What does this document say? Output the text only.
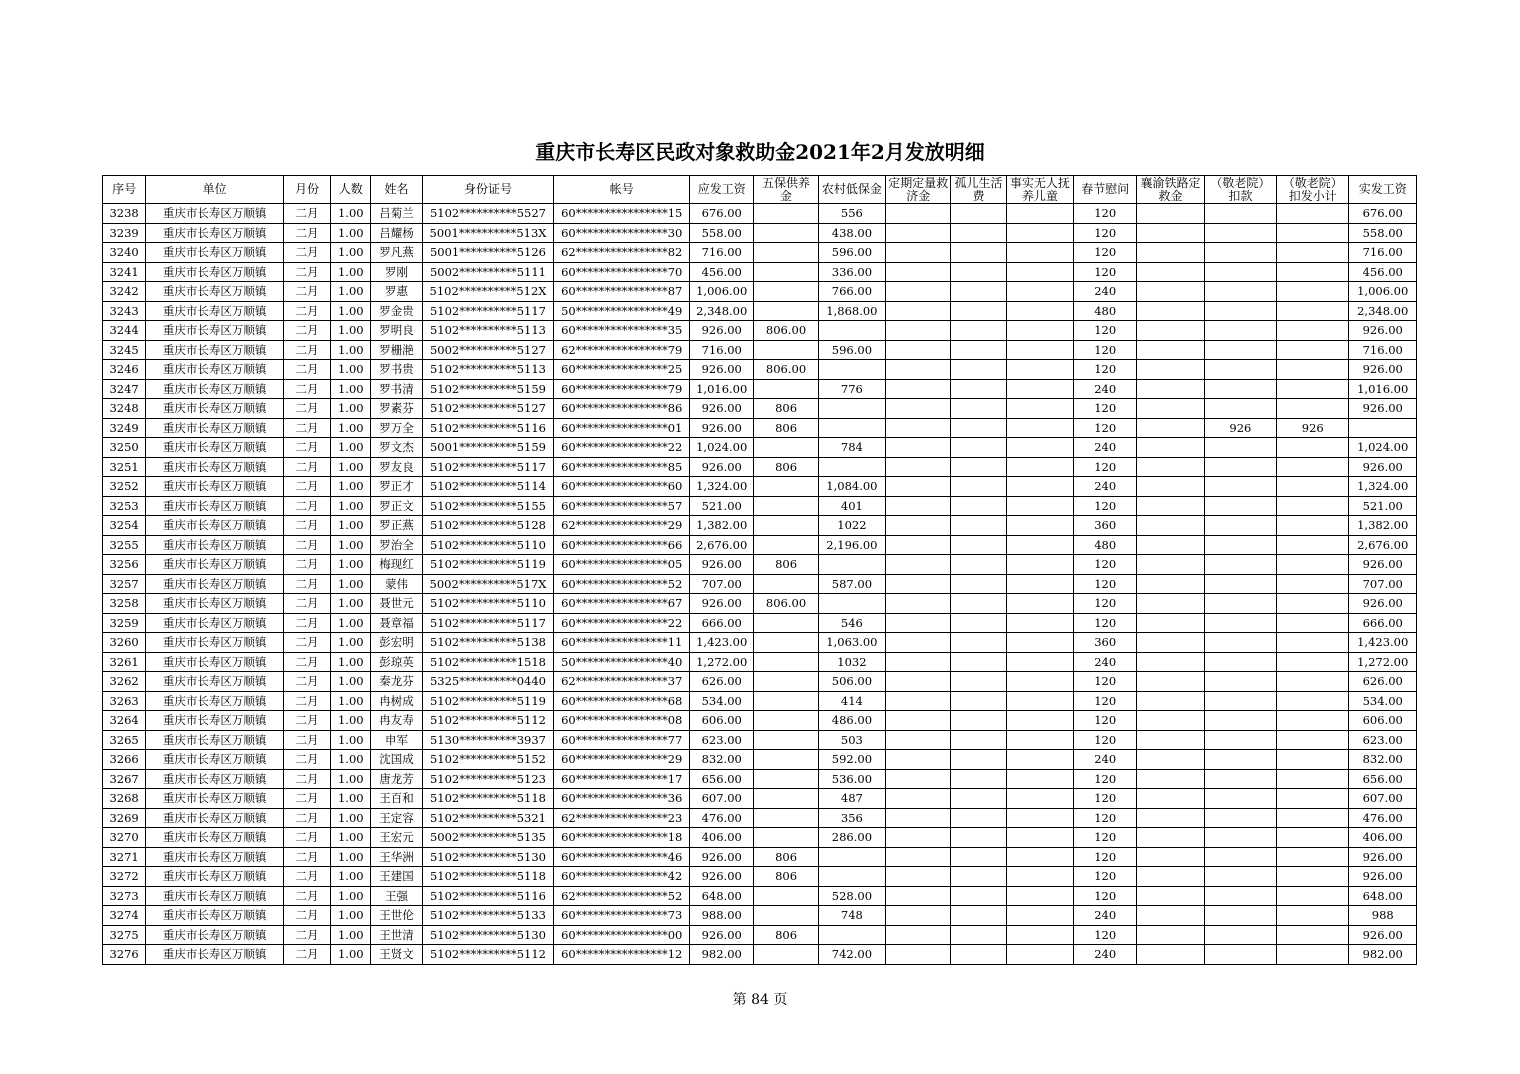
重庆市长寿区民政对象救助金2021年2月发放明细
序号	单位	月份	人数	姓名	身份证号	帐号	应发工资	五保供养金	农村低保金	定期定量救济金	孤儿生活费	事实无人抚养儿童	春节慰问	襄渝铁路定救金	（敬老院）扣款	（敬老院）扣发小计	实发工资
3238	重庆市长寿区万顺镇	二月	1.00	吕菊兰	5102**********5527	60****************15	676.00		556				120				676.00
3239	重庆市长寿区万顺镇	二月	1.00	吕耀杨	5001**********513X	60****************30	558.00		438.00				120				558.00
3240	重庆市长寿区万顺镇	二月	1.00	罗凡燕	5001**********5126	62****************82	716.00		596.00				120				716.00
3241	重庆市长寿区万顺镇	二月	1.00	罗刚	5002**********5111	60****************70	456.00		336.00				120				456.00
3242	重庆市长寿区万顺镇	二月	1.00	罗惠	5102**********512X	60****************87	1,006.00		766.00				240				1,006.00
3243	重庆市长寿区万顺镇	二月	1.00	罗金贵	5102**********5117	50****************49	2,348.00		1,868.00				480				2,348.00
3244	重庆市长寿区万顺镇	二月	1.00	罗明良	5102**********5113	60****************35	926.00	806.00					120				926.00
3245	重庆市长寿区万顺镇	二月	1.00	罗栅滟	5002**********5127	62****************79	716.00		596.00				120				716.00
3246	重庆市长寿区万顺镇	二月	1.00	罗书贵	5102**********5113	60****************25	926.00	806.00					120				926.00
3247	重庆市长寿区万顺镇	二月	1.00	罗书清	5102**********5159	60****************79	1,016.00		776				240				1,016.00
3248	重庆市长寿区万顺镇	二月	1.00	罗素芬	5102**********5127	60****************86	926.00	806					120				926.00
3249	重庆市长寿区万顺镇	二月	1.00	罗万全	5102**********5116	60****************01	926.00	806					120		926	926	
3250	重庆市长寿区万顺镇	二月	1.00	罗文杰	5001**********5159	60****************22	1,024.00		784				240				1,024.00
3251	重庆市长寿区万顺镇	二月	1.00	罗友良	5102**********5117	60****************85	926.00	806					120				926.00
3252	重庆市长寿区万顺镇	二月	1.00	罗正才	5102**********5114	60****************60	1,324.00		1,084.00				240				1,324.00
3253	重庆市长寿区万顺镇	二月	1.00	罗正文	5102**********5155	60****************57	521.00		401				120				521.00
3254	重庆市长寿区万顺镇	二月	1.00	罗正燕	5102**********5128	62****************29	1,382.00		1022				360				1,382.00
3255	重庆市长寿区万顺镇	二月	1.00	罗治全	5102**********5110	60****************66	2,676.00		2,196.00				480				2,676.00
3256	重庆市长寿区万顺镇	二月	1.00	梅现红	5102**********5119	60****************05	926.00	806					120				926.00
3257	重庆市长寿区万顺镇	二月	1.00	蒙伟	5002**********517X	60****************52	707.00		587.00				120				707.00
3258	重庆市长寿区万顺镇	二月	1.00	聂世元	5102**********5110	60****************67	926.00	806.00					120				926.00
3259	重庆市长寿区万顺镇	二月	1.00	聂章福	5102**********5117	60****************22	666.00		546				120				666.00
3260	重庆市长寿区万顺镇	二月	1.00	彭宏明	5102**********5138	60****************11	1,423.00		1,063.00				360				1,423.00
3261	重庆市长寿区万顺镇	二月	1.00	彭琼英	5102**********1518	50****************40	1,272.00		1032				240				1,272.00
3262	重庆市长寿区万顺镇	二月	1.00	秦龙芬	5325**********0440	62****************37	626.00		506.00				120				626.00
3263	重庆市长寿区万顺镇	二月	1.00	冉树成	5102**********5119	60****************68	534.00		414				120				534.00
3264	重庆市长寿区万顺镇	二月	1.00	冉友寿	5102**********5112	60****************08	606.00		486.00				120				606.00
3265	重庆市长寿区万顺镇	二月	1.00	申军	5130**********3937	60****************77	623.00		503				120				623.00
3266	重庆市长寿区万顺镇	二月	1.00	沈国成	5102**********5152	60****************29	832.00		592.00				240				832.00
3267	重庆市长寿区万顺镇	二月	1.00	唐龙芳	5102**********5123	60****************17	656.00		536.00				120				656.00
3268	重庆市长寿区万顺镇	二月	1.00	王百和	5102**********5118	60****************36	607.00		487				120				607.00
3269	重庆市长寿区万顺镇	二月	1.00	王定容	5102**********5321	62****************23	476.00		356				120				476.00
3270	重庆市长寿区万顺镇	二月	1.00	王宏元	5002**********5135	60****************18	406.00		286.00				120				406.00
3271	重庆市长寿区万顺镇	二月	1.00	王华洲	5102**********5130	60****************46	926.00	806					120				926.00
3272	重庆市长寿区万顺镇	二月	1.00	王建国	5102**********5118	60****************42	926.00	806					120				926.00
3273	重庆市长寿区万顺镇	二月	1.00	王强	5102**********5116	62****************52	648.00		528.00				120				648.00
3274	重庆市长寿区万顺镇	二月	1.00	王世伦	5102**********5133	60****************73	988.00		748				240				988
3275	重庆市长寿区万顺镇	二月	1.00	王世清	5102**********5130	60****************00	926.00	806					120				926.00
3276	重庆市长寿区万顺镇	二月	1.00	王贤文	5102**********5112	60****************12	982.00		742.00				240				982.00
第 84 页
